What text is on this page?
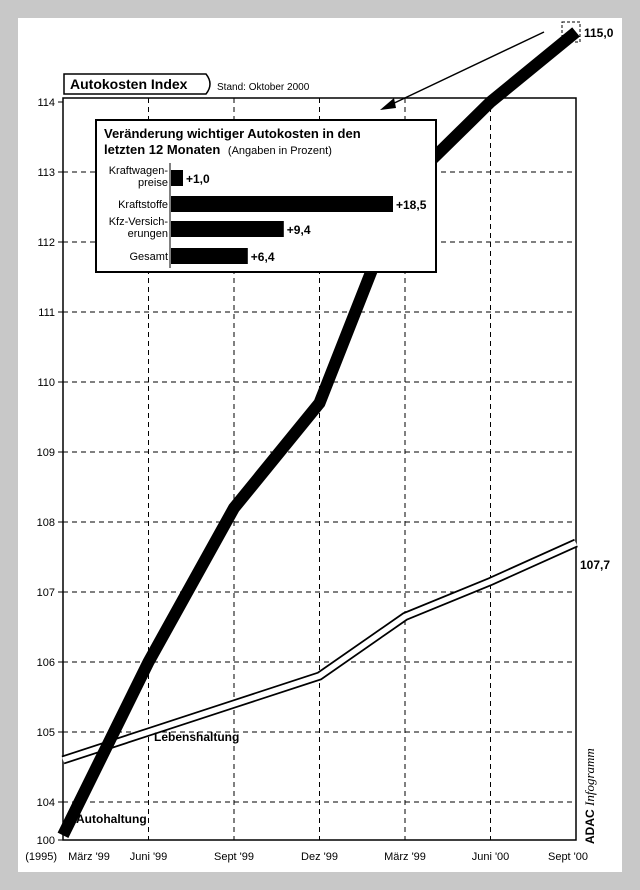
100
104
105
106
107
108
109
110
111
112
113
114
(1995) März '99 Juni '99	Sept '99	Dez '99	März '99	Juni '00	Sept '00
Autokosten Index	Stand: Oktober 2000
Autohaltung
Lebenshaltung
115,0
107,7
Veränderung wichtiger Autokosten in den
letzten 12 Monaten (Angaben in Prozent)
+1,0
Kraftwagen-
preise
+18,5
Kraftstoffe
+9,4
Kfz-Versich-
erungen
+6,4
Gesamt
ADAC
Infogramm
